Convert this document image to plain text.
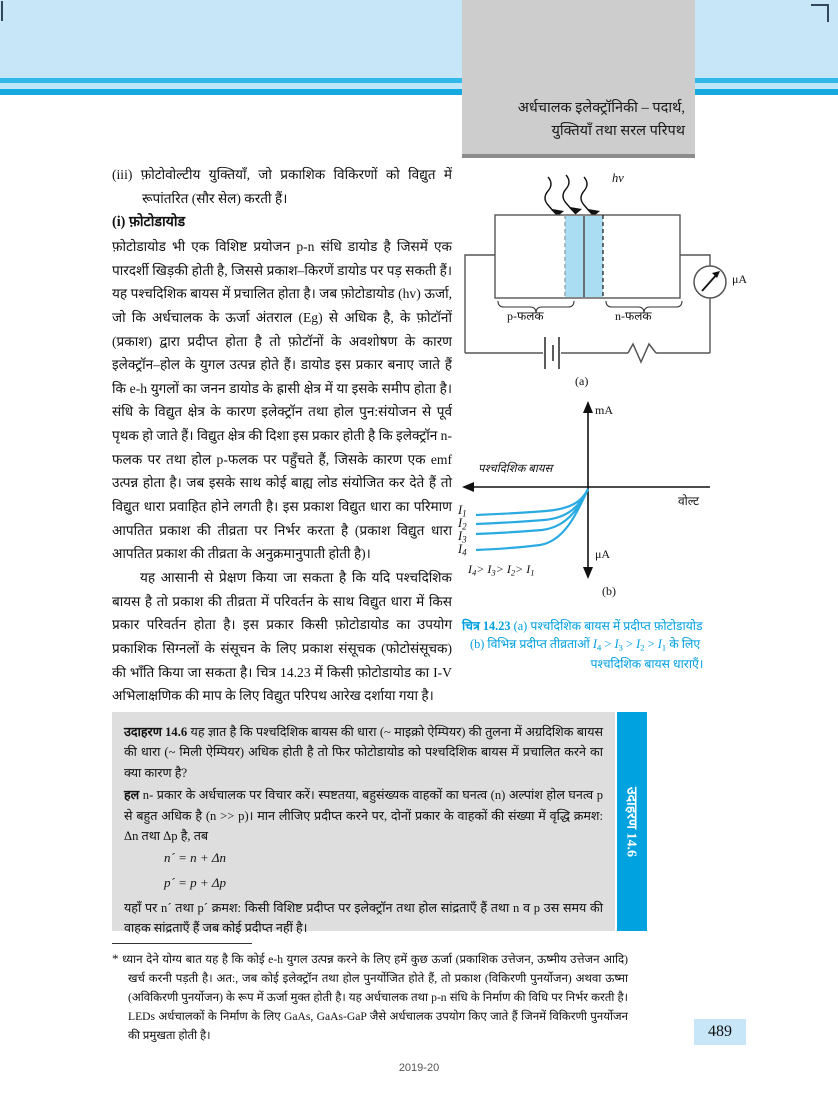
अर्धचालक इलेक्ट्रॉनिकी – पदार्थ,
युक्तियाँ तथा सरल परिपथ

(iii) फ़ोटोवोल्टीय युक्तियाँ, जो प्रकाशिक विकिरणों को विद्युत में रूपांतरित (सौर सेल) करती हैं।

(i) फ़ोटोडायोड

फ़ोटोडायोड भी एक विशिष्ट प्रयोजन p-n संधि डायोड है जिसमें एक पारदर्शी खिड़की होती है, जिससे प्रकाश–किरणें डायोड पर पड़ सकती हैं। यह पश्चदिशिक बायस में प्रचालित होता है। जब फ़ोटोडायोड (hv) ऊर्जा, जो कि अर्धचालक के ऊर्जा अंतराल (Eg) से अधिक है, के फ़ोटॉनों (प्रकाश) द्वारा प्रदीप्त होता है तो फ़ोटॉनों के अवशोषण के कारण इलेक्ट्रॉन–होल के युगल उत्पन्न होते हैं। डायोड इस प्रकार बनाए जाते हैं कि e-h युगलों का जनन डायोड के ह्रासी क्षेत्र में या इसके समीप होता है। संधि के विद्युत क्षेत्र के कारण इलेक्ट्रॉन तथा होल पुन:संयोजन से पूर्व पृथक हो जाते हैं। विद्युत क्षेत्र की दिशा इस प्रकार होती है कि इलेक्ट्रॉन n-फलक पर तथा होल p-फलक पर पहुँचते हैं, जिसके कारण एक emf उत्पन्न होता है। जब इसके साथ कोई बाह्य लोड संयोजित कर देते हैं तो विद्युत धारा प्रवाहित होने लगती है। इस प्रकाश विद्युत धारा का परिमाण आपतित प्रकाश की तीव्रता पर निर्भर करता है (प्रकाश विद्युत धारा आपतित प्रकाश की तीव्रता के अनुक्रमानुपाती होती है)।

यह आसानी से प्रेक्षण किया जा सकता है कि यदि पश्चदिशिक बायस है तो प्रकाश की तीव्रता में परिवर्तन के साथ विद्युत धारा में किस प्रकार परिवर्तन होता है। इस प्रकार किसी फ़ोटोडायोड का उपयोग प्रकाशिक सिग्नलों के संसूचन के लिए प्रकाश संसूचक (फोटोसंसूचक) की भाँति किया जा सकता है। चित्र 14.23 में किसी फ़ोटोडायोड का I-V अभिलाक्षणिक की माप के लिए विद्युत परिपथ आरेख दर्शाया गया है।

hv
p-फलक	n-फलक
μA
(a)
mA
μA
वोल्ट
पश्चदिशिक बायस
$I_1$
$I_2$
$I_3$
$I_4$
$I_4> I_3> I_2> I_1$
(b)
चित्र 14.23 (a) पश्चदिशिक बायस में प्रदीप्त फ़ोटोडायोड
(b) विभिन्न प्रदीप्त तीव्रताओं $I_4 > I_3 > I_2 > I_1$ के लिए
पश्चदिशिक बायस धाराएँ।
उदाहरण 14.6 यह ज्ञात है कि पश्चदिशिक बायस की धारा (~ माइक्रो ऐम्पियर) की तुलना में अग्रदिशिक बायस की धारा (~ मिली ऐम्पियर) अधिक होती है तो फिर फोटोडायोड को पश्चदिशिक बायस में प्रचालित करने का क्या कारण है?
हल n- प्रकार के अर्धचालक पर विचार करें। स्पष्टतया, बहुसंख्यक वाहकों का घनत्व (n) अल्पांश होल घनत्व p से बहुत अधिक है (n >> p)। मान लीजिए प्रदीप्त करने पर, दोनों प्रकार के वाहकों की संख्या में वृद्धि क्रमश: Δn तथा Δp है, तब
n´ = n + Δn
p´ = p + Δp
यहाँ पर n´ तथा p´ क्रमश: किसी विशिष्ट प्रदीप्त पर इलेक्ट्रॉन तथा होल सांद्रताएँ हैं तथा n व p उस समय की वाहक सांद्रताएँ हैं जब कोई प्रदीप्त नहीं है।
उदाहरण 14.6
* ध्यान देने योग्य बात यह है कि कोई e-h युगल उत्पन्न करने के लिए हमें कुछ ऊर्जा (प्रकाशिक उत्तेजन, ऊष्मीय उत्तेजन आदि) खर्च करनी पड़ती है। अत:, जब कोई इलेक्ट्रॉन तथा होल पुनर्योजित होते हैं, तो प्रकाश (विकिरणी पुनर्योजन) अथवा ऊष्मा (अविकिरणी पुनर्योजन) के रूप में ऊर्जा मुक्त होती है। यह अर्धचालक तथा p-n संधि के निर्माण की विधि पर निर्भर करती है। LEDs अर्धचालकों के निर्माण के लिए GaAs, GaAs-GaP जैसे अर्धचालक उपयोग किए जाते हैं जिनमें विकिरणी पुनर्योजन की प्रमुखता होती है।	489
2019-20
